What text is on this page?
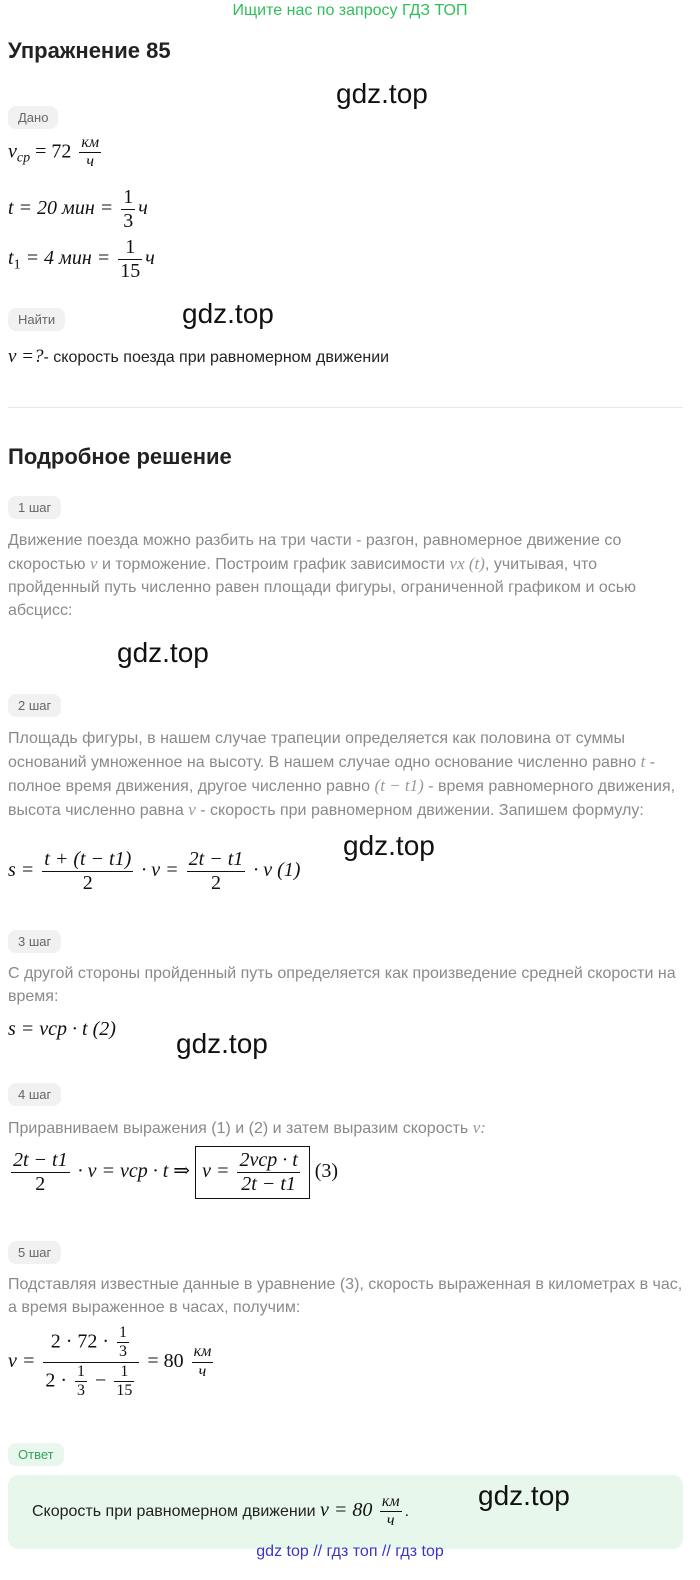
Ищите нас по запросу ГДЗ ТОП
Упражнение 85
gdz.top
Дано
$v_{ср} = 72 \frac{км}{ч}$
t = 20 мин = $\frac{1}{3}$ ч
$t_1 = 4$ мин = $\frac{1}{15}$ ч
Найти	gdz.top
v =?- скорость поезда при равномерном движении
Подробное решение
1 шаг
Движение поезда можно разбить на три части - разгон, равномерное движение со скоростью v и торможение. Построим график зависимости vx (t), учитывая, что пройденный путь численно равен площади фигуры, ограниченной графиком и осью абсцисс:
gdz.top
2 шаг
Площадь фигуры, в нашем случае трапеции определяется как половина от суммы оснований умноженное на высоту. В нашем случае одно основание численно равно t - полное время движения, другое численно равно (t − t1) - время равномерного движения, высота численно равна v - скорость при равномерном движении. Запишем формулу:
gdz.top
$s = \frac{t + (t - t1)}{2} \cdot v = \frac{2t - t1}{2} \cdot v$ (1)
3 шаг
С другой стороны пройденный путь определяется как произведение средней скорости на время:
s = vср · t (2) gdz.top
4 шаг
Приравниваем выражения (1) и (2) и затем выразим скорость v:
$\frac{2t - t1}{2} \cdot v$ = vср · t ⇒ $v = \frac{\text{2vср · t}}{2t - t1} (3)$
5 шаг
Подставляя известные данные в уравнение (3), скорость выраженная в километрах в час, а время выраженное в часах, получим:
$v = \frac{2 \cdot 72 \cdot \frac{1}{3}}{2 \cdot \frac{1}{3} - \frac{1}{15}} = 80 \frac{км}{ч}$
Ответ
Скорость при равномерном движении $v = 80 \frac{км}{ч}$ .
gdz.top
gdz top // гдз топ // гдз top
